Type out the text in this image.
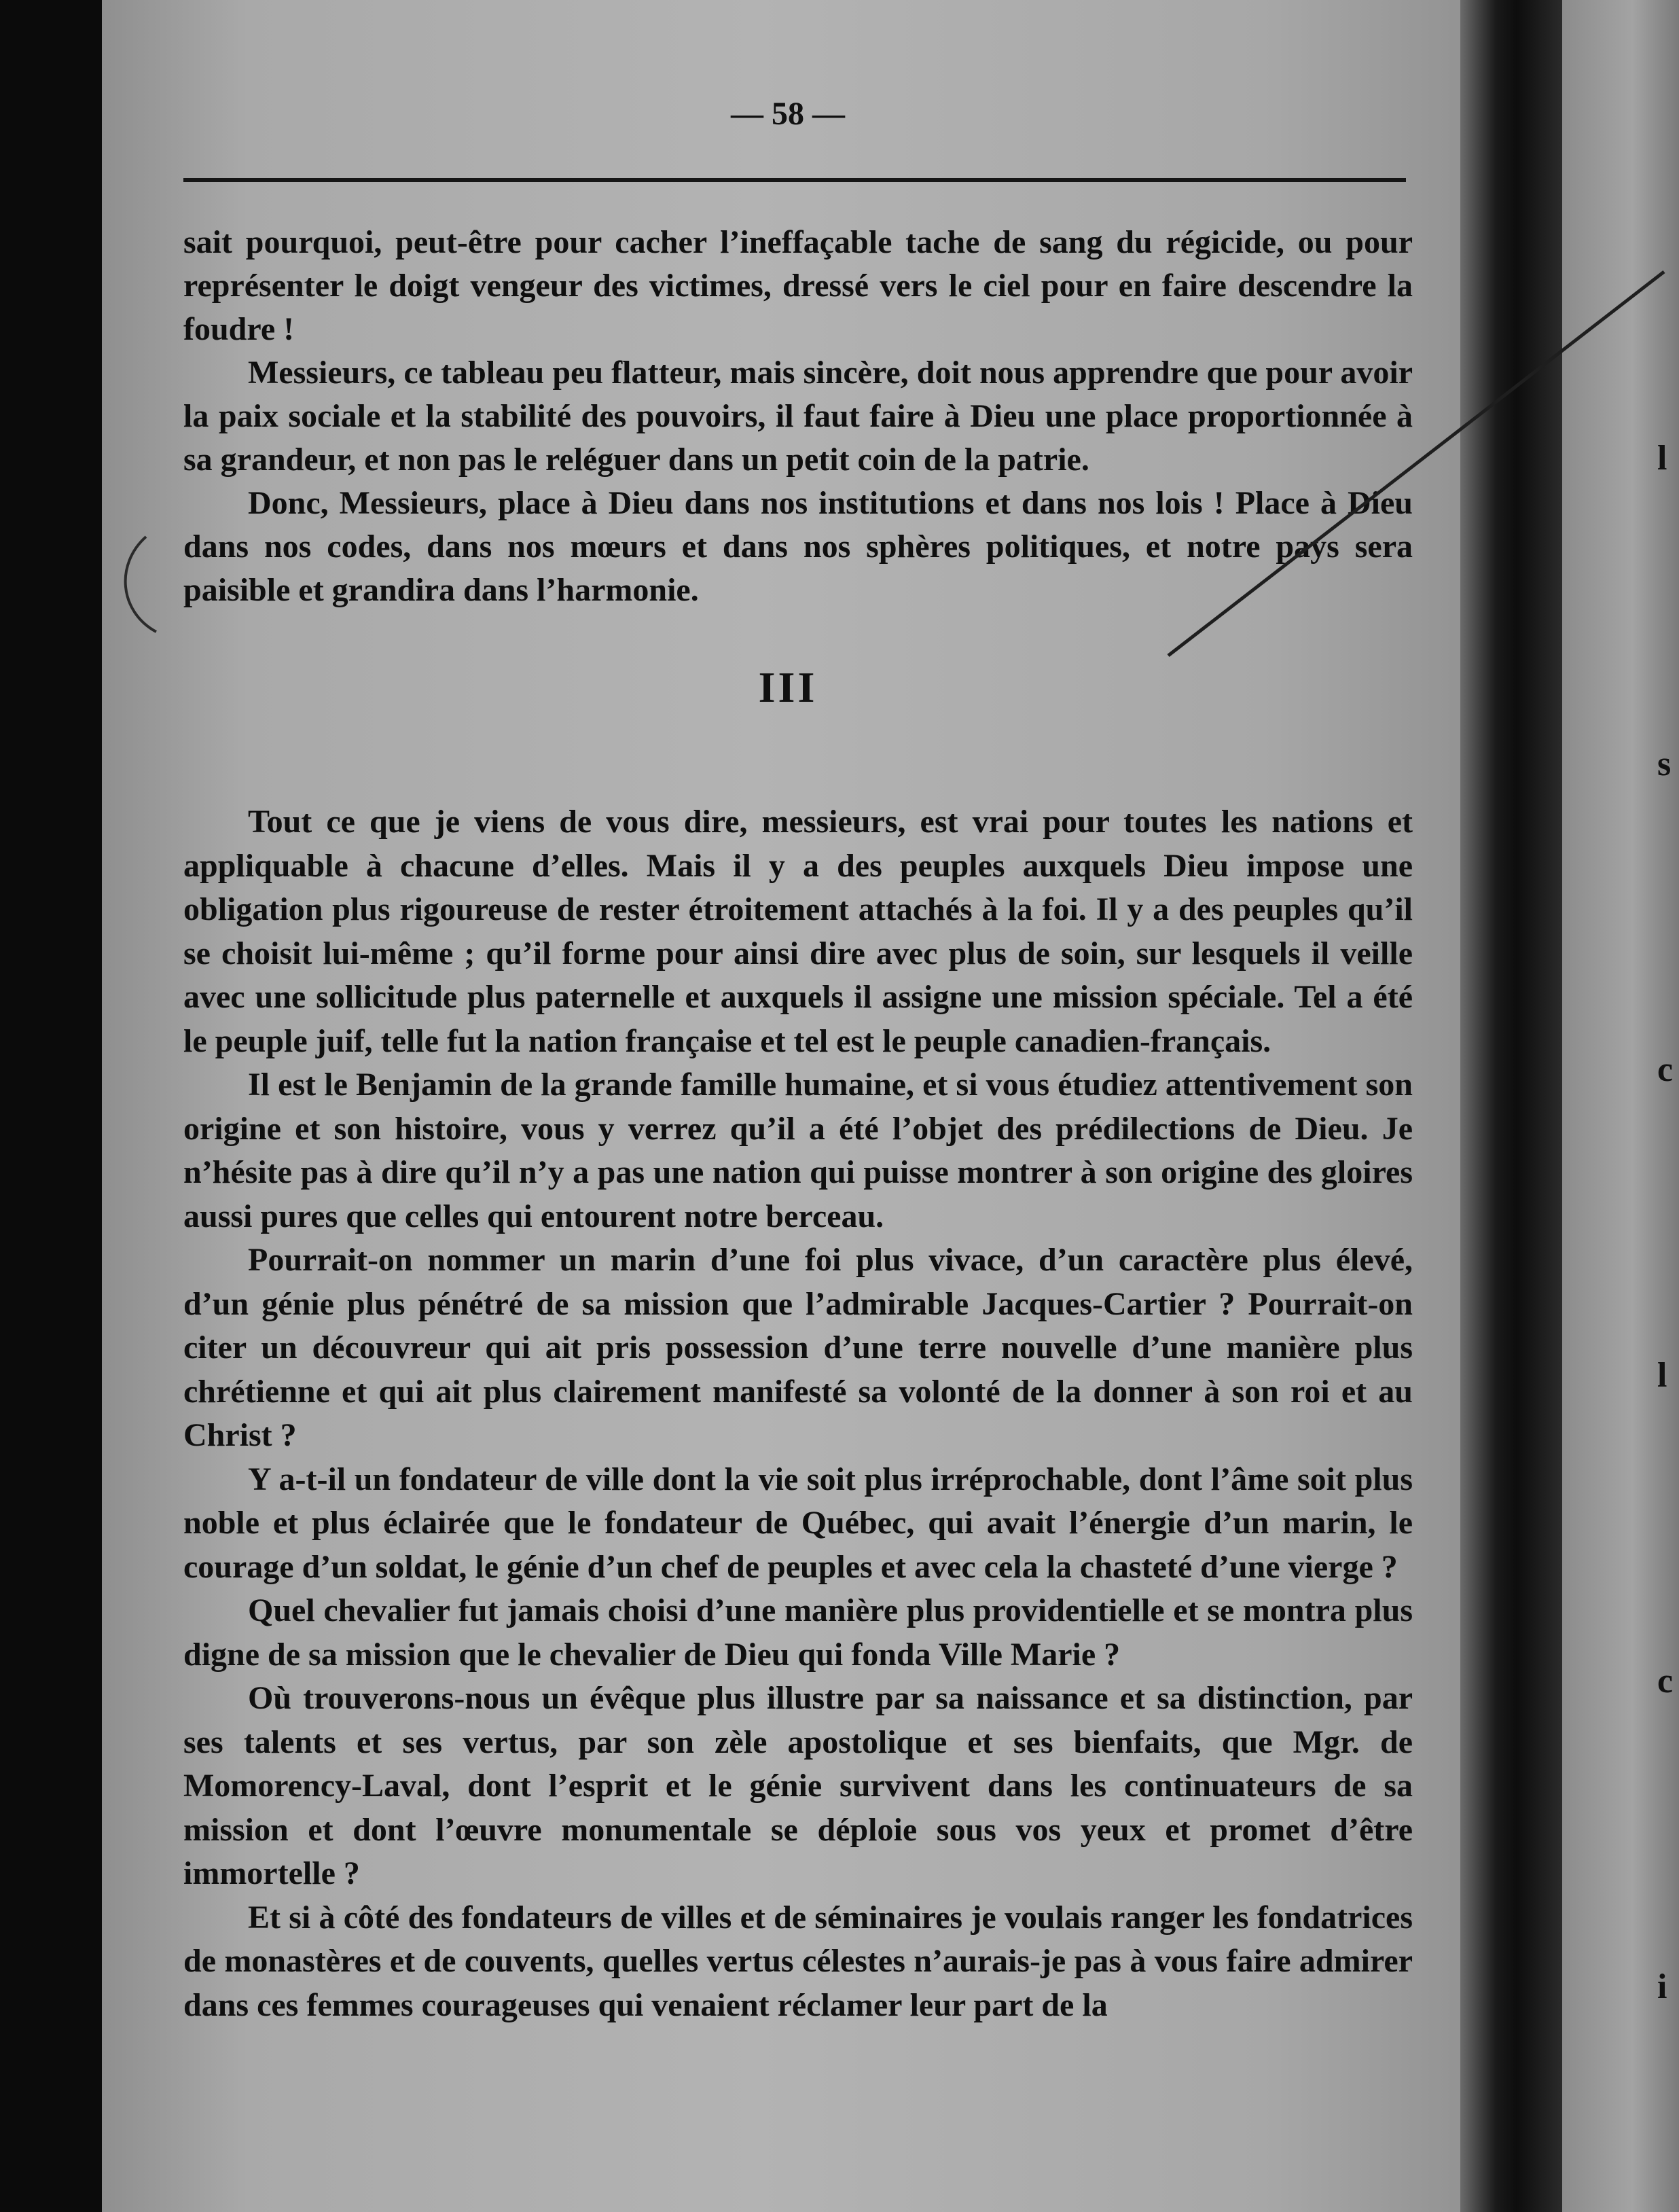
l

s

c

l

c

i

— 58 —

sait pourquoi, peut-être pour cacher l’ineffaçable tache de sang du régicide, ou pour représenter le doigt vengeur des victimes, dressé vers le ciel pour en faire descendre la foudre !

Messieurs, ce tableau peu flatteur, mais sincère, doit nous apprendre que pour avoir la paix sociale et la stabilité des pouvoirs, il faut faire à Dieu une place proportionnée à sa grandeur, et non pas le reléguer dans un petit coin de la patrie.

Donc, Messieurs, place à Dieu dans nos institutions et dans nos lois ! Place à Dieu dans nos codes, dans nos mœurs et dans nos sphères politiques, et notre pays sera paisible et grandira dans l’harmonie.

III

Tout ce que je viens de vous dire, messieurs, est vrai pour toutes les nations et appliquable à chacune d’elles. Mais il y a des peuples auxquels Dieu impose une obligation plus rigoureuse de rester étroitement attachés à la foi. Il y a des peuples qu’il se choisit lui-même ; qu’il forme pour ainsi dire avec plus de soin, sur lesquels il veille avec une sollicitude plus paternelle et auxquels il assigne une mission spéciale. Tel a été le peuple juif, telle fut la nation française et tel est le peuple canadien-français.

Il est le Benjamin de la grande famille humaine, et si vous étudiez attentivement son origine et son histoire, vous y verrez qu’il a été l’objet des prédilections de Dieu. Je n’hésite pas à dire qu’il n’y a pas une nation qui puisse montrer à son origine des gloires aussi pures que celles qui entourent notre berceau.

Pourrait-on nommer un marin d’une foi plus vivace, d’un caractère plus élevé, d’un génie plus pénétré de sa mission que l’admirable Jacques-Cartier ? Pourrait-on citer un découvreur qui ait pris possession d’une terre nouvelle d’une manière plus chrétienne et qui ait plus clairement manifesté sa volonté de la donner à son roi et au Christ ?

Y a-t-il un fondateur de ville dont la vie soit plus irréprochable, dont l’âme soit plus noble et plus éclairée que le fondateur de Québec, qui avait l’énergie d’un marin, le courage d’un soldat, le génie d’un chef de peuples et avec cela la chasteté d’une vierge ?

Quel chevalier fut jamais choisi d’une manière plus providentielle et se montra plus digne de sa mission que le chevalier de Dieu qui fonda Ville Marie ?

Où trouverons-nous un évêque plus illustre par sa naissance et sa distinction, par ses talents et ses vertus, par son zèle apostolique et ses bienfaits, que Mgr. de Momorency-Laval, dont l’esprit et le génie survivent dans les continuateurs de sa mission et dont l’œuvre monumentale se déploie sous vos yeux et promet d’être immortelle ?

Et si à côté des fondateurs de villes et de séminaires je voulais ranger les fondatrices de monastères et de couvents, quelles vertus célestes n’aurais-je pas à vous faire admirer dans ces femmes courageuses qui venaient réclamer leur part de la
